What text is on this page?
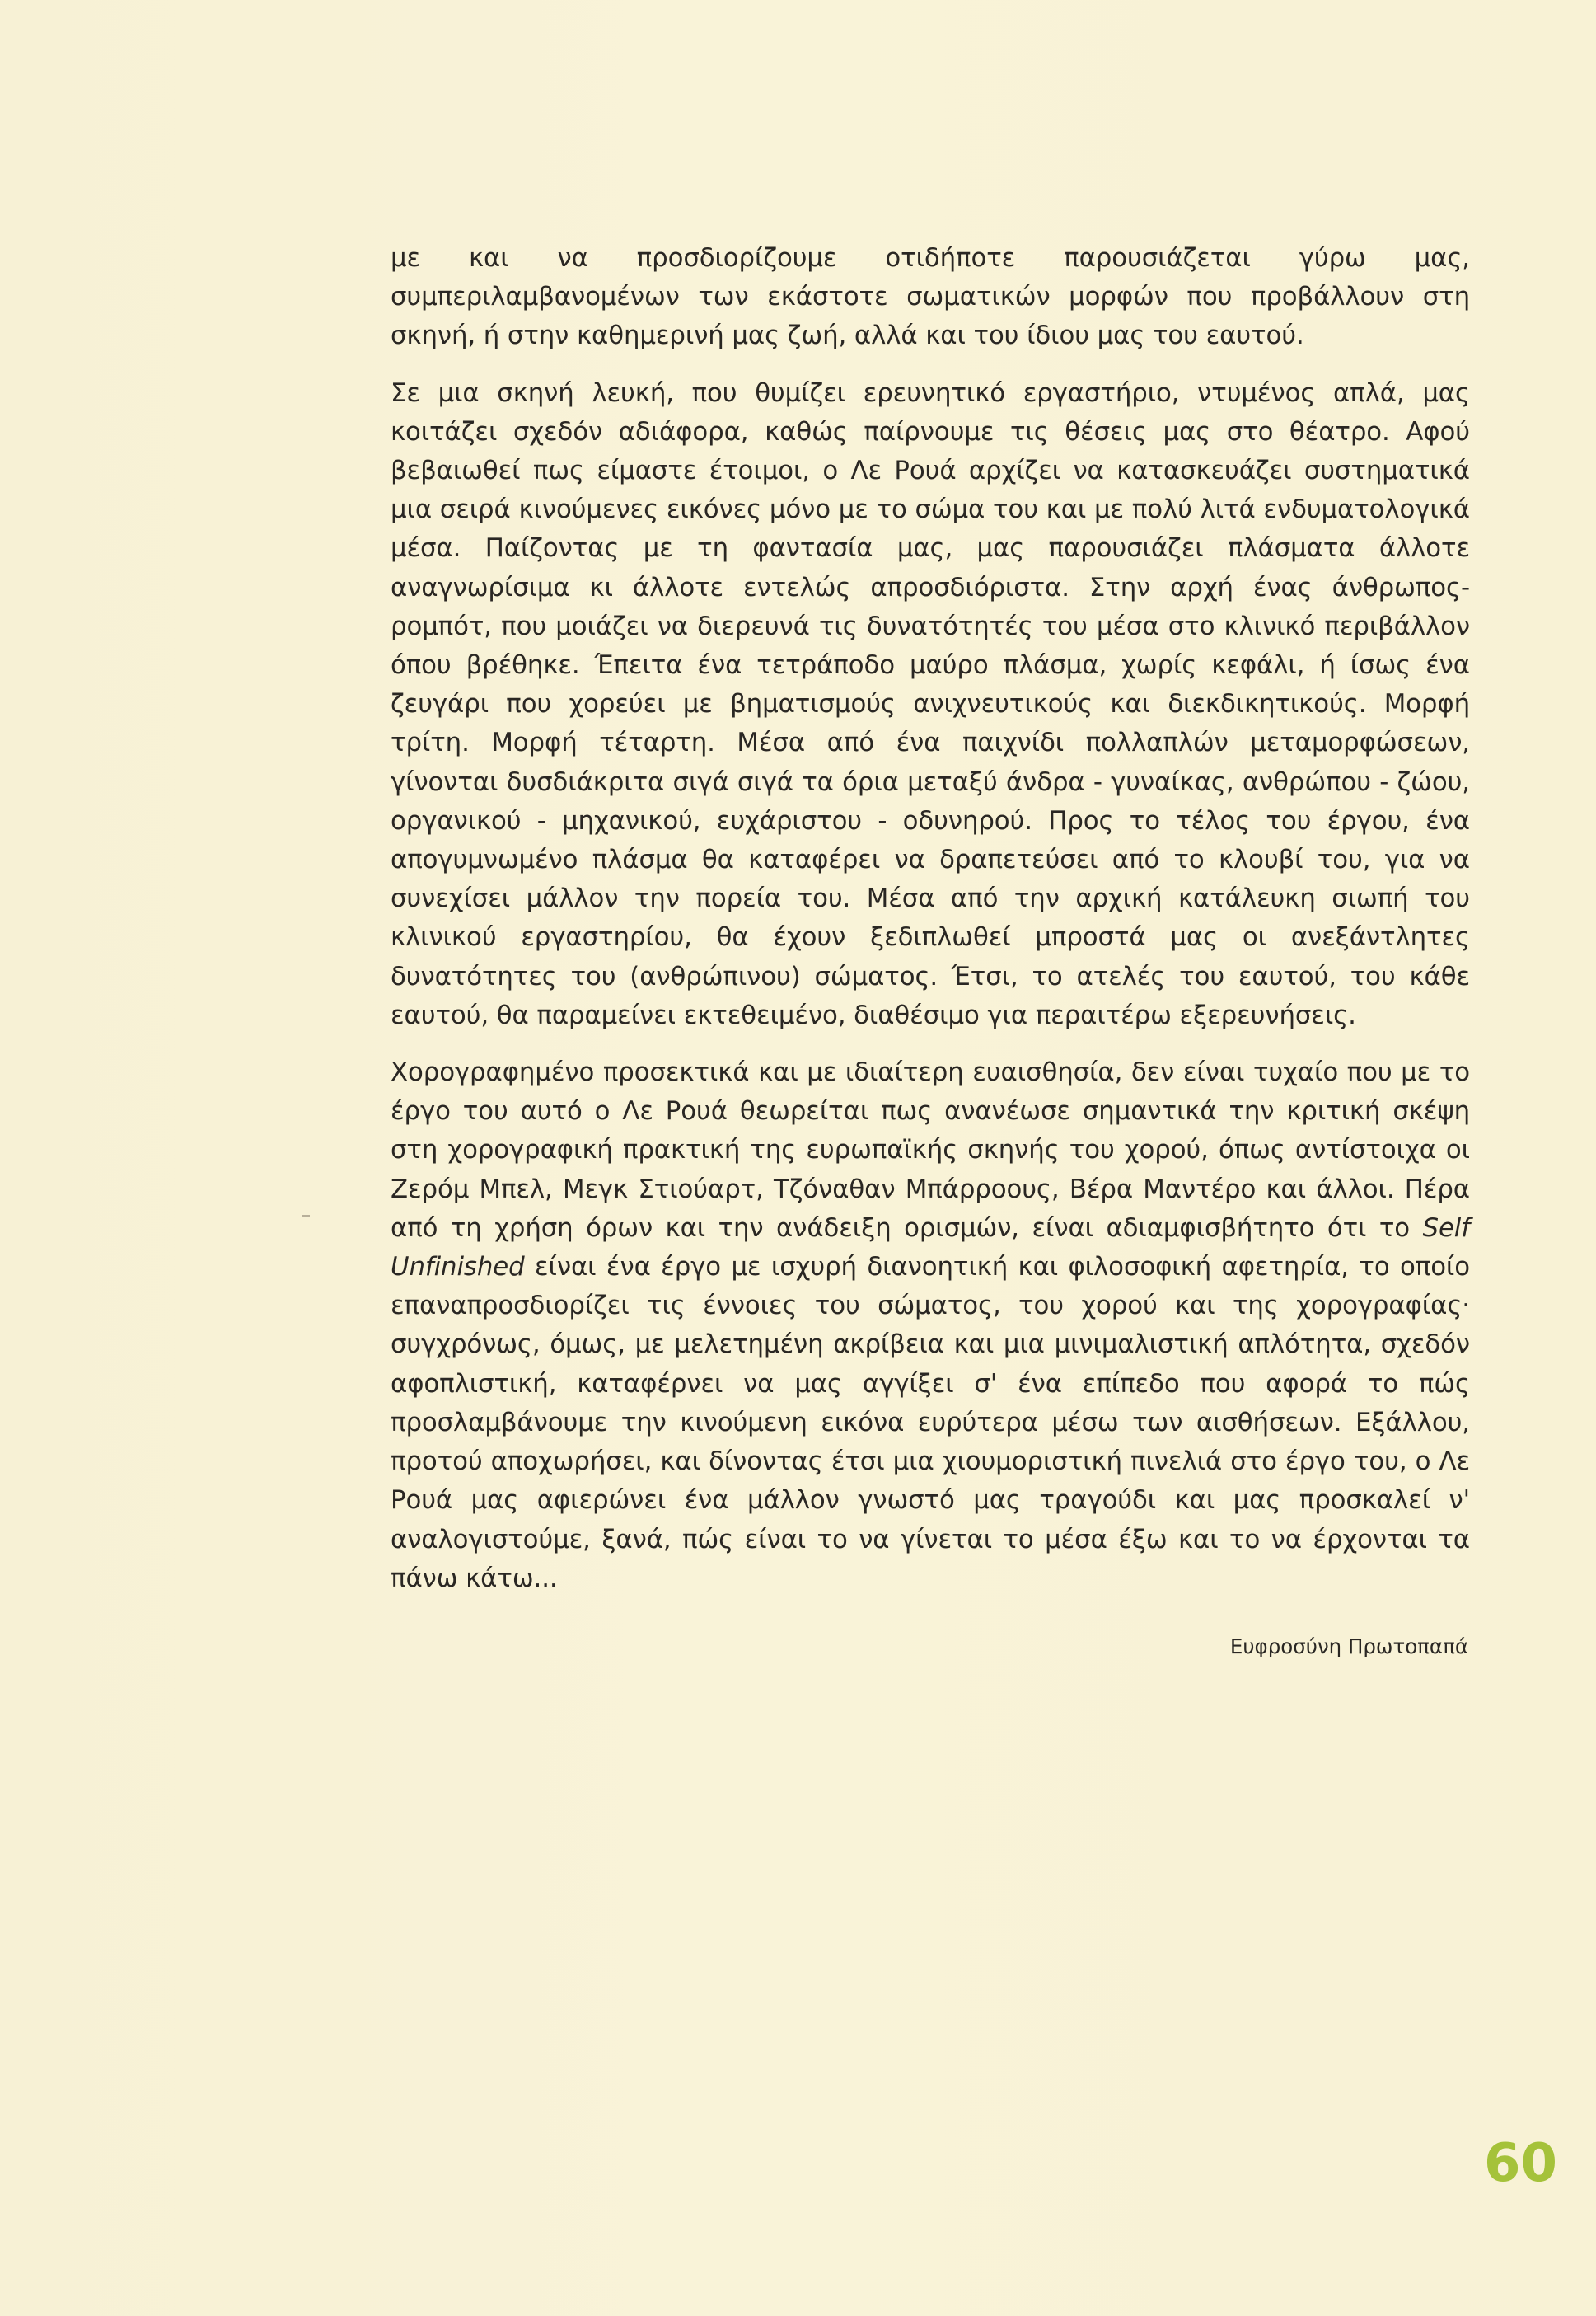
με και να προσδιορίζουμε οτιδήποτε παρουσιάζεται γύρω μας, συμπεριλαμβανομένων των εκάστοτε σωματικών μορφών που προβάλλουν στη σκηνή, ή στην καθημερινή μας ζωή, αλλά και του ίδιου μας του εαυτού.

Σε μια σκηνή λευκή, που θυμίζει ερευνητικό εργαστήριο, ντυμένος απλά, μας κοιτάζει σχεδόν αδιάφορα, καθώς παίρνουμε τις θέσεις μας στο θέατρο. Αφού βεβαιωθεί πως είμαστε έτοιμοι, ο Λε Ρουά αρχίζει να κατασκευάζει συστηματικά μια σειρά κινούμενες εικόνες μόνο με το σώμα του και με πολύ λιτά ενδυματολογικά μέσα. Παίζοντας με τη φαντασία μας, μας παρουσιάζει πλάσματα άλλοτε αναγνωρίσιμα κι άλλοτε εντελώς απροσδιόριστα. Στην αρχή ένας άνθρωπος-ρομπότ, που μοιάζει να διερευνά τις δυνατότητές του μέσα στο κλινικό περιβάλλον όπου βρέθηκε. Έπειτα ένα τετράποδο μαύρο πλάσμα, χωρίς κεφάλι, ή ίσως ένα ζευγάρι που χορεύει με βηματισμούς ανιχνευτικούς και διεκδικητικούς. Μορφή τρίτη. Μορφή τέταρτη. Μέσα από ένα παιχνίδι πολλαπλών μεταμορφώσεων, γίνονται δυσδιάκριτα σιγά σιγά τα όρια μεταξύ άνδρα - γυναίκας, ανθρώπου - ζώου, οργανικού - μηχανικού, ευχάριστου - οδυνηρού. Προς το τέλος του έργου, ένα απογυμνωμένο πλάσμα θα καταφέρει να δραπετεύσει από το κλουβί του, για να συνεχίσει μάλλον την πορεία του. Μέσα από την αρχική κατάλευκη σιωπή του κλινικού εργαστηρίου, θα έχουν ξεδιπλωθεί μπροστά μας οι ανεξάντλητες δυνατότητες του (ανθρώπινου) σώματος. Έτσι, το ατελές του εαυτού, του κάθε εαυτού, θα παραμείνει εκτεθειμένο, διαθέσιμο για περαιτέρω εξερευνήσεις.

Χορογραφημένο προσεκτικά και με ιδιαίτερη ευαισθησία, δεν είναι τυχαίο που με το έργο του αυτό ο Λε Ρουά θεωρείται πως ανανέωσε σημαντικά την κριτική σκέψη στη χορογραφική πρακτική της ευρωπαϊκής σκηνής του χορού, όπως αντίστοιχα οι Ζερόμ Μπελ, Μεγκ Στιούαρτ, Τζόναθαν Μπάρροους, Βέρα Μαντέρο και άλλοι. Πέρα από τη χρήση όρων και την ανάδειξη ορισμών, είναι αδιαμφισβήτητο ότι το Self Unfinished είναι ένα έργο με ισχυρή διανοητική και φιλοσοφική αφετηρία, το οποίο επαναπροσδιορίζει τις έννοιες του σώματος, του χορού και της χορογραφίας· συγχρόνως, όμως, με μελετημένη ακρίβεια και μια μινιμαλιστική απλότητα, σχεδόν αφοπλιστική, καταφέρνει να μας αγγίξει σ' ένα επίπεδο που αφορά το πώς προσλαμβάνουμε την κινούμενη εικόνα ευρύτερα μέσω των αισθήσεων. Εξάλλου, προτού αποχωρήσει, και δίνοντας έτσι μια χιουμοριστική πινελιά στο έργο του, ο Λε Ρουά μας αφιερώνει ένα μάλλον γνωστό μας τραγούδι και μας προσκαλεί ν' αναλογιστούμε, ξανά, πώς είναι το να γίνεται το μέσα έξω και το να έρχονται τα πάνω κάτω...

Ευφροσύνη Πρωτοπαπά
60
